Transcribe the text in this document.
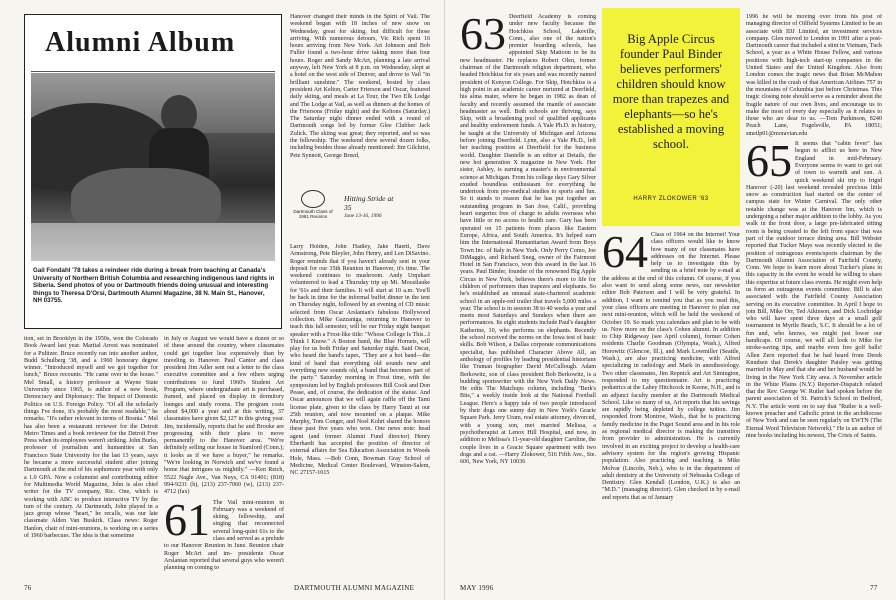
Alumni Album
Gail Fondahl '78 takes a reindeer ride during a break from teaching at Canada's University of Northern British Columbia and researching indigenous land rights in Siberia. Send photos of you or Dartmouth friends doing unusual and interesting things to Theresa D'Orsi, Dartmouth Alumni Magazine, 38 N. Main St., Hanover, NH 03755.

tion, set in Brooklyn in the 1950s, won the Colorado Book Award last year. Marital Arrest was nominated for a Pulitzer. Bruce recently ran into another author, Budd Schulberg '38, and a 1960 honorary degree winner. "Introduced myself and we got together for lunch," Bruce recounts. "He came over to the house." Mel Small, a history professor at Wayne State University since 1965, is author of a new book, Democracy and Diplomacy: The Impact of Domestic Politics on U.S. Foreign Policy. "Of all the scholarly things I've done, it's probably the most readable," he remarks. "It's rather relevant in terms of Bosnia." Mel has also been a restaurant reviewer for the Detroit Metro Times and a book reviewer for the Detroit Free Press when its employees weren't striking. John Burks, professor of journalism and humanities at San Francisco State University for the last 13 years, says he became a more successful student after joining Dartmouth at the end of his sophomore year with only a 1.0 GPA. Now a columnist and contributing editor for Multimedia World Magazine, John is also chief writer for the TV company, Ric. One, which is working with ABC to produce interactive TV by the turn of the century. At Dartmouth, John played in a jazz group whose "heart," he recalls, was our late classmate Alden Van Buskirk. Class news: Roger Hanlon, chair of mini-reunions, is working on a series of 1960 barbecues. The idea is that sometime

in July or August we would have a dozen or so of these around the country, where classmates could get together less expensively than by traveling to Hanover. Paul Cantor and class president Jim Adler sent out a letter to the class executive committee and a few others urging contributions to fund 1960's Student Art Program, where undergraduate art is purchased, framed, and placed on display in dormitory lounges and study rooms. The program costs about $4,000 a year and at this writing, 37 classmates have given $2,127 in this giving year. Jim, incidentally, reports that he and Brooke are progressing with their plans to move permanently to the Hanover area. "We're definitely selling our house in Stamford (Conn.); it looks as if we have a buyer," he remarks. "We're looking in Norwich and we've found a home that intrigues us mightily." —Ken Reich, 5522 Nagle Ave., Van Nuys, CA 91401; (818) 994-9231 (h), (213) 237-7060 (w), (213) 237-4712 (fax)

61 The Vail mini-reunion in February was a weekend of skiing, fellowship, and singing that reconnected several long-quiet 61s to the class and served as a prelude to our Hanover Reunion in June. Reunion chair Roger McArt and im- presidente Oscar Arslanian reported that several guys who weren't planning on coming to

Hanover changed their minds in the Spirit of Vail. The weekend began with 18 inches of new snow on Wednesday, great for skiing, but difficult for those arriving. With numerous detours, Vic Rich spent 16 hours arriving from New York. Art Johnson and Bob Fuller found a two-hour drive taking more than four hours. Roger and Sandy McArt, planning a late arrival anyway, left New York at 8 p.m. on Wednesday, slept at a hotel on the west side of Denver, and drove to Vail "in brilliant sunshine." The weekend, hosted by class president Art Kelton, Carter Frierson and Oscar, featured daily skiing, and meals at La Tour, the Two Elk Lodge and The Lodge at Vail, as well as dinners at the homes of the Friersons (Friday night) and the Keltons (Saturday.) The Saturday night dinner ended with a round of Dartmouth songs led by former Glee Clubber Jack Zulick. The skiing was great; they reported, and so was the fellowship. The weekend drew several dozen folks, including besides those already mentioned: Jim Gilchrist, Pete Synnott, George Breed,

Dartmouth Class of 1961 Reunion
Hitting Stride at 35
June 13-16, 1996

Larry Holden, John Hadley, Jake Haertl, Dave Armstrong, Pete Bleyler, John Henry, and Len DiSavino. Roger reminds that if you haven't already sent in your deposit for our 35th Reunion in Hanover, it's time. The weekend continues to mushroom. Andy Urquhart volunteered to lead a Thursday trip up Mt. Moosilauke for '61s and their families. It will start at 10 a.m. You'll be back in time for the informal buffet dinner in the tent on Thursday night, followed by an evening of CD music selected from Oscar Arslanian's fabulous Hollywood collection. Mike Gazzaniga, returning to Hanover to teach this fall semester, will be our Friday night banquet speaker with a Frost-like title: "Whose College Is This...I Think I Know." A Boston band, the Blue Hornets, will play for us both Friday and Saturday night. Said Oscar, who heard the band's tapes, "They are a hot band—the kind of band that everything old sounds new and everything new sounds old, a band that becomes part of the party." Saturday morning in Frost time, with the symposium led by English professors Bill Cook and Don Pease, and, of course, the dedication of the statue. And Oscar announces that we will again raffle off the Tami license plate, given to the class by Harry Tanzi at our 25th reunion, and now mounted on a plaque. Mike Murphy, Tom Conger, and Noel Kohrt shared the honors these past five years who won. One news note: head agent (and former Alumni Fund director) Henry Eberhardt has accepted the position of director of external affairs for Sea Education Association in Woods Hole, Mass. —Bob Conn, Bowman Gray School of Medicine, Medical Center Boulevard, Winston-Salem, NC 27157-1015

76	DARTMOUTH ALUMNI MAGAZINE

63 Deerfield Academy is coming under new faculty because the Hotchkiss School, Lakeville, Conn., also one of the nation's premier boarding schools, has appointed Skip Mattoon to be its new headmaster. He replaces Robert Olen, former chairman of the Dartmouth religion department, who headed Hotchkiss for six years and was recently named president of Kenyon College. For Skip, Hotchkiss is a high point in an academic career nurtured at Deerfield, his alma mater, where he began in 1982 as dean of faculty and recently assumed the mantle of associate headmaster as well. Both schools are thriving, says Skip, with a broadening pool of qualified applicants and healthy endowment funds. A Yale Ph.D. in history, he taught at the University of Michigan and Arizona before joining Deerfield. Lynn, also a Yale Ph.D., left her teaching position at Deerfield for the business world. Daughter Danielle is an editor at Details, the new hot generation X magazine in New York. Her sister, Ashley, is earning a master's in environmental science at Michigan. From his college days Gary Silver exuded boundless enthusiasm for everything he undertook from pre-medical studies to sports and fun. So it stands to reason that he has put together an outstanding program in San Jose, Calif., providing heart surgeries free of charge to adults overseas who have little or no access to health care. Gary has been operated on 15 patients from places like Eastern Europe, Africa, and South America. It's helped earn him the International Humanitarian Award from Boys Town Inc. of Italy in New York. Only Perry Como, Joe DiMaggio, and Richard Sneg, owner of the Fairmont Hotel in San Francisco, won this award in the last 16 years. Paul Binder, founder of the renowned Big Apple Circus in New York, believes there's more to life for children of performers than trapezes and elephants. So he's established an unusual state-chartered academic school in an apple-red trailer that travels 5,000 miles a year. The school is in session 38 to 40 weeks a year and meets most Saturdays and Sundays when there are performances. Its eight students include Paul's daughter Katherine, 10, who performs on elephants. Recently the school received the norms on the Iowa test of basic skills. Bob Wilson, a Dallas corporate communications specialist, has published Character Above All, an anthology of profiles by leading presidential historians like Truman biographer David McCullough. Adam Berkowitz, son of class president Bob Berkowitz, is a budding sportswriter with the New York Daily News. He edits The Matchups column, including "Berk's Bits," a weekly inside look at the National Football League. Here's a happy tale of two people introduced by their dogs one sunny day in New York's Gracie Square Park. Jerry Uram, real estate attorney, divorced, with a young son, met married Melissa, a psychotherapist at Lenox Hill Hospital, and now, in addition to Melissa's 11-year-old daughter Caroline, the couple lives in a Gracie Square apartment with two dogs and a cat. —Harry Zlokower, 516 Fifth Ave., Ste. 606, New York, NY 10036

Big Apple Circus founder Paul Binder believes performers' children should know more than trapezes and elephants—so he's established a moving school.
HARRY ZLOKOWER '63

64 Class of 1964 on the Internet! Your class officers would like to know how many of our classmates have addresses on the Internet. Please help us to investigate this by sending us a brief note by e-mail at the address at the end of this column. Of course, if you also want to send along some news, our newsletter editor Bob Paterson and I will be very grateful. In addition, I want to remind you that as you read this, your class officers are meeting in Hanover to plan our next mini-reunion, which will be held the weekend of October 19. So mark you calendars and plan to be with us. Now more on the class's Cohen alumni. In addition to Chip Ridgeway (see April column), former Cohen residents Charlie Goodman (Olympia, Wash.), Alfred Horowitz (Glencoe, Ill.), and Mark Lowmiller (Seattle, Wash.), are also practicing medicine, with Alfred specializing in radiology and Mark in anesthesiology. Two other classmates, Jim Repnick and Art Simington, responded to my questionnaire. Art is practicing pediatrics at the Lahey Hitchcock in Keene, N.H., and is an adjunct faculty member at the Dartmouth Medical School. Like so many of us, Art reports that his savings are rapidly being depleted by college tuition. Jim responded from Montroe, Wash., that he is practicing family medicine in the Puget Sound area and in his role as regional medical director is making the transition from provider to administration. He is currently involved in an exciting project to develop a health-care advisory system for the region's growing Hispanic population. Also practicing and teaching is Mike Molvar (Lincoln, Neb.), who is in the department of adult dentistry at the University of Nebraska College of Dentistry. Glen Kendall (London, U.K.) is also an "M.D." (managing director). Glen checked in by e-mail and reports that as of January

1996 he will be moving over from his post of managing director of Oilfield Systems Limited to be an associate with IDJ Limited, an investment services company. Glen moved to London in 1991 after a post-Dartmouth career that included a stint in Vietnam, Tuck School, a year as a White House Fellow, and various positions with high-tech start-up companies in the United States and the United Kingdom. Also from London comes the tragic news that Brian McMahon was killed in the crash of that American Airlines 757 in the mountains of Columbia just before Christmas. This tragic closing note should serve as a reminder about the fragile nature of our own lives, and encourage us to make the most of every day especially as it relates to those who are dear to us. —Tom Parkinson, 8240 Peach Lane, Fogelsville, PA 18051; smetlp01@moravian.edu

65 It seems that "cabin fever" has begun to afflict us here in New England in mid-February. Everyone seems to want to get out of town to warmth and sun. A quick weekend ski trip to frigid Hanover (-20) last weekend revealed precious little snow as construction had started on the center of campus state for Winter Carnival. The only other notable change was at the Hanover Inn, which is undergoing a rather major addition to the lobby. As you walk in the front door, a large pre-fabricated sitting room is being created to the left from space that was part of the outdoor terrace dining area. Bill Webster reported that Tucker Mays was recently elected to the position of outrageous events/sports chairman by the Dartmouth Alumni Association of Fairfield County, Conn. We hope to learn more about Tucker's plans in this capacity in the event he would be willing to share this expertise at future class events. He might even help us form an outrageous events committee. Bill is also associated with the Fairfield County Association serving on its executive committee. In April I hope to join Bill, Mike Orr, Ted Atkinson, and Dick Lochridge who will have spent three days at a small golf tournament in Myrtle Beach, S.C. It should be a lot of fun and, who knows, we might just lower our handicaps. Of course, we will all look to Mike for stroke-saving tips, and maybe even free golf balls! Allen Zern reported that he had heard from Derek Knudsen that Derek's daughter Paisley was getting married in May and that she and her husband would be living in the New York City area. A November article in the White Plains (N.Y.) Reporter-Dispatch related that the Rev. George W. Rutler had spoken before the parent association of St. Patrick's School in Bedford, N.Y. The article went on to say that "Rutler is a well-known preacher and Catholic priest in the archdiocese of New York and can be seen regularly on EWTN (The Eternal Word Television Network)." He is an author of nine books including his newest, The Crisis of Saints.

MAY 1996	77
